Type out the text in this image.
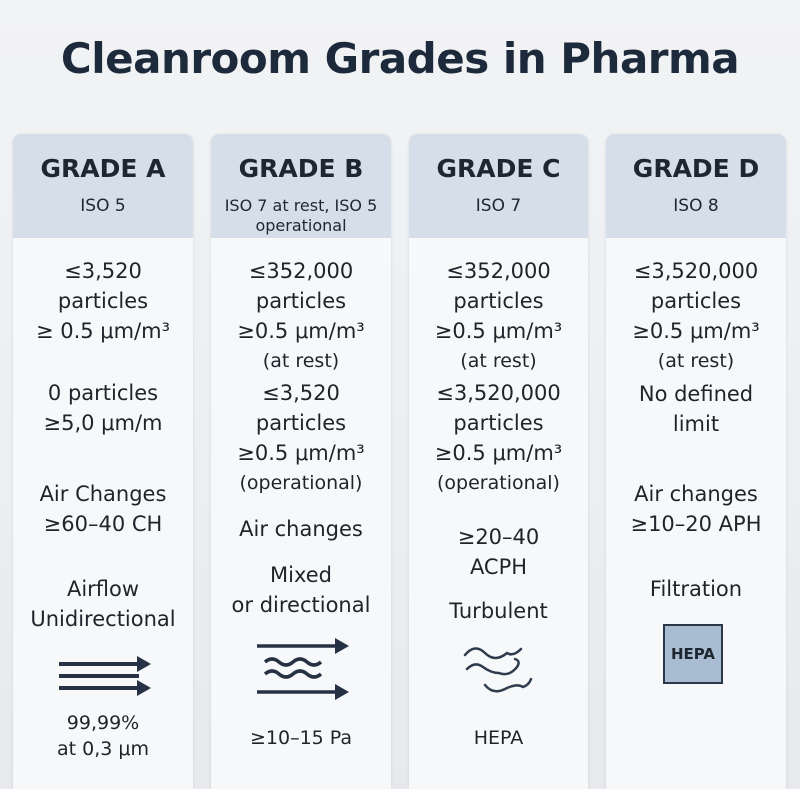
Cleanroom Grades in Pharma
GRADE A
ISO 5
≤3,520
particles
≥ 0.5 μm/m³
0 particles
≥5,0 μm/m
Air Changes
≥60–40 CH
Airflow
Unidirectional
99,99%
at 0,3 μm
GRADE B
ISO 7 at rest, ISO 5 operational
≤352,000
particles
≥0.5 μm/m³
(at rest)
≤3,520
particles
≥0.5 μm/m³
(operational)
Air changes
Mixed
or directional
≥10–15 Pa
GRADE C
ISO 7
≤352,000
particles
≥0.5 μm/m³
(at rest)
≤3,520,000
particles
≥0.5 μm/m³
(operational)
≥20–40
ACPH
Turbulent
HEPA
GRADE D
ISO 8
≤3,520,000
particles
≥0.5 μm/m³
(at rest)
No defined
limit
Air changes
≥10–20 APH
Filtration
HEPA
